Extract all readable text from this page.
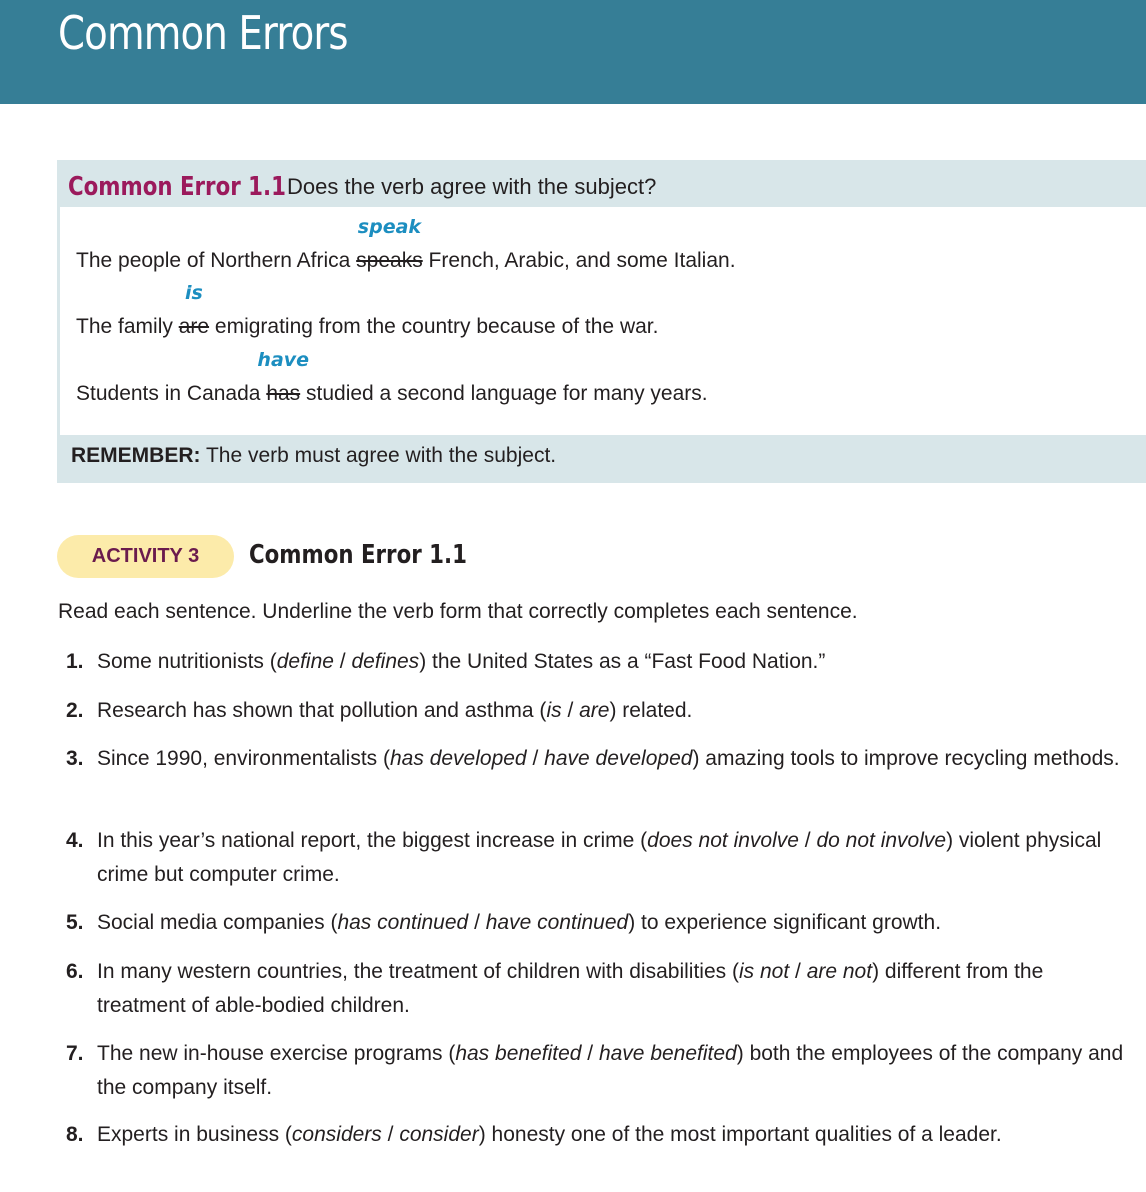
Common Errors
Common Error 1.1 Does the verb agree with the subject?
The people of Northern Africa speaks
speak
French, Arabic, and some Italian.
The family are
is
emigrating from the country because of the war.
Students in Canada has
have
studied a second language for many years.
REMEMBER: The verb must agree with the subject.
ACTIVITY 3	Common Error 1.1
Read each sentence. Underline the verb form that correctly completes each sentence.
1. Some nutritionists (define / defines) the United States as a “Fast Food Nation.”
2. Research has shown that pollution and asthma (is / are) related.
3. Since 1990, environmentalists (has developed / have developed) amazing tools to improve recycling methods.
4. In this year’s national report, the biggest increase in crime (does not involve / do not involve) violent physical crime but computer crime.
5. Social media companies (has continued / have continued) to experience significant growth.
6. In many western countries, the treatment of children with disabilities (is not / are not) different from the treatment of able-bodied children.
7. The new in-house exercise programs (has benefited / have benefited) both the employees of the company and the company itself.
8. Experts in business (considers / consider) honesty one of the most important qualities of a leader.
